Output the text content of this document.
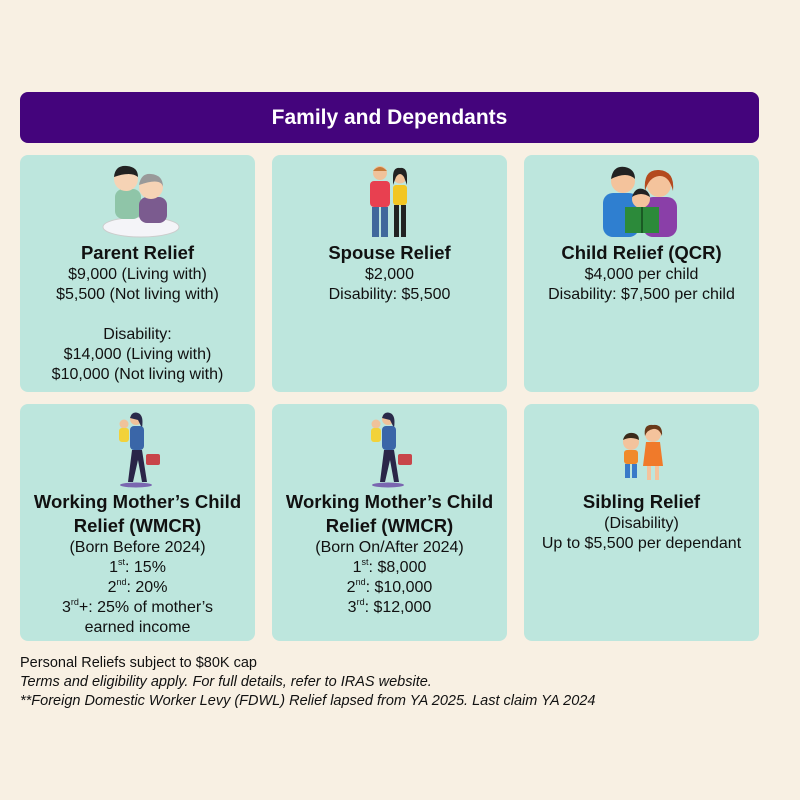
Family and Dependants
Parent Relief
$9,000 (Living with)
$5,500 (Not living with)
Disability:
$14,000 (Living with)
$10,000 (Not living with)
Spouse Relief
$2,000
Disability: $5,500
Child Relief (QCR)
$4,000 per child
Disability: $7,500 per child
Working Mother’s Child
Relief (WMCR)
(Born Before 2024)
1st: 15%
2nd: 20%
3rd+: 25% of mother’s
earned income
Working Mother’s Child
Relief (WMCR)
(Born On/After 2024)
1st: $8,000
2nd: $10,000
3rd: $12,000
Sibling Relief
(Disability)
Up to $5,500 per dependant
Personal Reliefs subject to $80K cap
Terms and eligibility apply. For full details, refer to IRAS website.
**Foreign Domestic Worker Levy (FDWL) Relief lapsed from YA 2025. Last claim YA 2024
